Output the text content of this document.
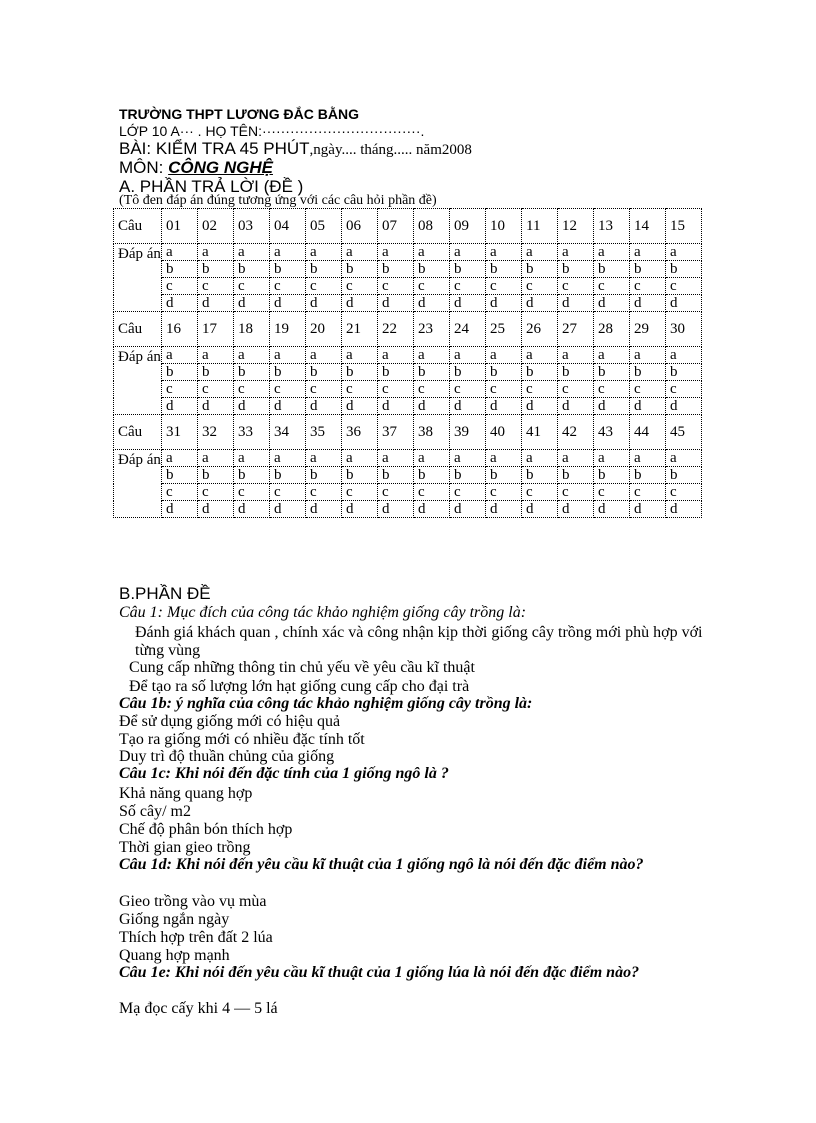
TRƯỜNG THPT LƯƠNG ĐẮC BẰNG
LỚP 10 A··· . HỌ TÊN:··································.
BÀI: KIỂM TRA 45 PHÚT,ngày.... tháng..... năm2008
MÔN: CÔNG NGHỆ
A. PHẦN TRẢ LỜI (ĐỀ )
(Tô đen đáp án đúng tương ứng với các câu hỏi phần đề)
Câu	01	02	03	04	05	06	07	08	09	10	11	12	13	14	15
Đáp án	a	a	a	a	a	a	a	a	a	a	a	a	a	a	a
	b	b	b	b	b	b	b	b	b	b	b	b	b	b	b
	c	c	c	c	c	c	c	c	c	c	c	c	c	c	c
	d	d	d	d	d	d	d	d	d	d	d	d	d	d	d
Câu	16	17	18	19	20	21	22	23	24	25	26	27	28	29	30
Đáp án	a	a	a	a	a	a	a	a	a	a	a	a	a	a	a
	b	b	b	b	b	b	b	b	b	b	b	b	b	b	b
	c	c	c	c	c	c	c	c	c	c	c	c	c	c	c
	d	d	d	d	d	d	d	d	d	d	d	d	d	d	d
Câu	31	32	33	34	35	36	37	38	39	40	41	42	43	44	45
Đáp án	a	a	a	a	a	a	a	a	a	a	a	a	a	a	a
	b	b	b	b	b	b	b	b	b	b	b	b	b	b	b
	c	c	c	c	c	c	c	c	c	c	c	c	c	c	c
	d	d	d	d	d	d	d	d	d	d	d	d	d	d	d
B.PHẦN ĐỀ
Câu 1: Mục đích của công tác khảo nghiệm giống cây trồng là:
Đánh giá khách quan , chính xác và công nhận kịp thời giống cây trồng mới phù hợp với từng vùng
Cung cấp những thông tin chủ yếu về yêu cầu kĩ thuật
Để tạo ra số lượng lớn hạt giống cung cấp cho đại trà
Câu 1b: ý nghĩa của công tác khảo nghiệm giống cây trồng là:
Để sử dụng giống mới có hiệu quả
Tạo ra giống mới có nhiều đặc tính tốt
Duy trì độ thuần chủng của giống
Câu 1c: Khi nói đến đặc tính của 1 giống ngô là ?
Khả năng quang hợp
Số cây/ m2
Chế độ phân bón thích hợp
Thời gian gieo trồng
Câu 1d: Khi nói đến yêu cầu kĩ thuật của 1 giống ngô là nói đến đặc điểm nào?
Gieo trồng vào vụ mùa
Giống ngắn ngày
Thích hợp trên đất 2 lúa
Quang hợp mạnh
Câu 1e: Khi nói đến yêu cầu kĩ thuật của 1 giống lúa là nói đến đặc điểm nào?
Mạ đọc cấy khi 4 — 5 lá
